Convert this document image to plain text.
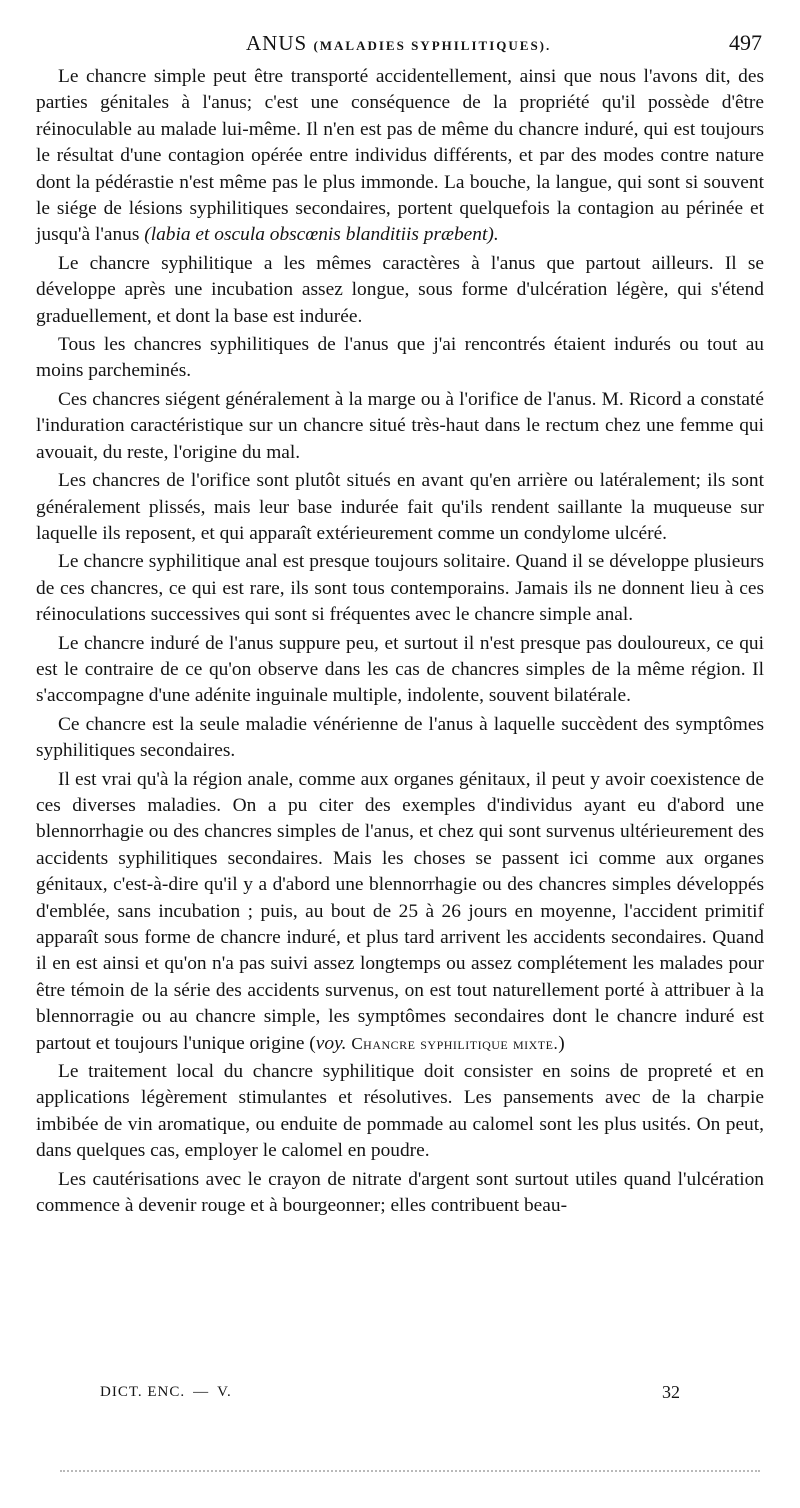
ANUS (MALADIES SYPHILITIQUES).	497

Le chancre simple peut être transporté accidentellement, ainsi que nous l'avons dit, des parties génitales à l'anus; c'est une conséquence de la propriété qu'il possède d'être réinoculable au malade lui-même. Il n'en est pas de même du chancre induré, qui est toujours le résultat d'une contagion opérée entre individus différents, et par des modes contre nature dont la pédérastie n'est même pas le plus immonde. La bouche, la langue, qui sont si souvent le siége de lésions syphilitiques secondaires, portent quelquefois la contagion au périnée et jusqu'à l'anus (labia et oscula obscœnis blanditiis præbent).

Le chancre syphilitique a les mêmes caractères à l'anus que partout ailleurs. Il se développe après une incubation assez longue, sous forme d'ulcération légère, qui s'étend graduellement, et dont la base est indurée.

Tous les chancres syphilitiques de l'anus que j'ai rencontrés étaient indurés ou tout au moins parcheminés.

Ces chancres siégent généralement à la marge ou à l'orifice de l'anus. M. Ricord a constaté l'induration caractéristique sur un chancre situé très-haut dans le rectum chez une femme qui avouait, du reste, l'origine du mal.

Les chancres de l'orifice sont plutôt situés en avant qu'en arrière ou latéralement; ils sont généralement plissés, mais leur base indurée fait qu'ils rendent saillante la muqueuse sur laquelle ils reposent, et qui apparaît extérieurement comme un condylome ulcéré.

Le chancre syphilitique anal est presque toujours solitaire. Quand il se développe plusieurs de ces chancres, ce qui est rare, ils sont tous contemporains. Jamais ils ne donnent lieu à ces réinoculations successives qui sont si fréquentes avec le chancre simple anal.

Le chancre induré de l'anus suppure peu, et surtout il n'est presque pas douloureux, ce qui est le contraire de ce qu'on observe dans les cas de chancres simples de la même région. Il s'accompagne d'une adénite inguinale multiple, indolente, souvent bilatérale.

Ce chancre est la seule maladie vénérienne de l'anus à laquelle succèdent des symptômes syphilitiques secondaires.

Il est vrai qu'à la région anale, comme aux organes génitaux, il peut y avoir coexistence de ces diverses maladies. On a pu citer des exemples d'individus ayant eu d'abord une blennorrhagie ou des chancres simples de l'anus, et chez qui sont survenus ultérieurement des accidents syphilitiques secondaires. Mais les choses se passent ici comme aux organes génitaux, c'est-à-dire qu'il y a d'abord une blennorrhagie ou des chancres simples développés d'emblée, sans incubation ; puis, au bout de 25 à 26 jours en moyenne, l'accident primitif apparaît sous forme de chancre induré, et plus tard arrivent les accidents secondaires. Quand il en est ainsi et qu'on n'a pas suivi assez longtemps ou assez complétement les malades pour être témoin de la série des accidents survenus, on est tout naturellement porté à attribuer à la blennorragie ou au chancre simple, les symptômes secondaires dont le chancre induré est partout et toujours l'unique origine (voy. Chancre syphilitique mixte.)

Le traitement local du chancre syphilitique doit consister en soins de propreté et en applications légèrement stimulantes et résolutives. Les pansements avec de la charpie imbibée de vin aromatique, ou enduite de pommade au calomel sont les plus usités. On peut, dans quelques cas, employer le calomel en poudre.

Les cautérisations avec le crayon de nitrate d'argent sont surtout utiles quand l'ulcération commence à devenir rouge et à bourgeonner; elles contribuent beau-

DICT. ENC. — V.	32
